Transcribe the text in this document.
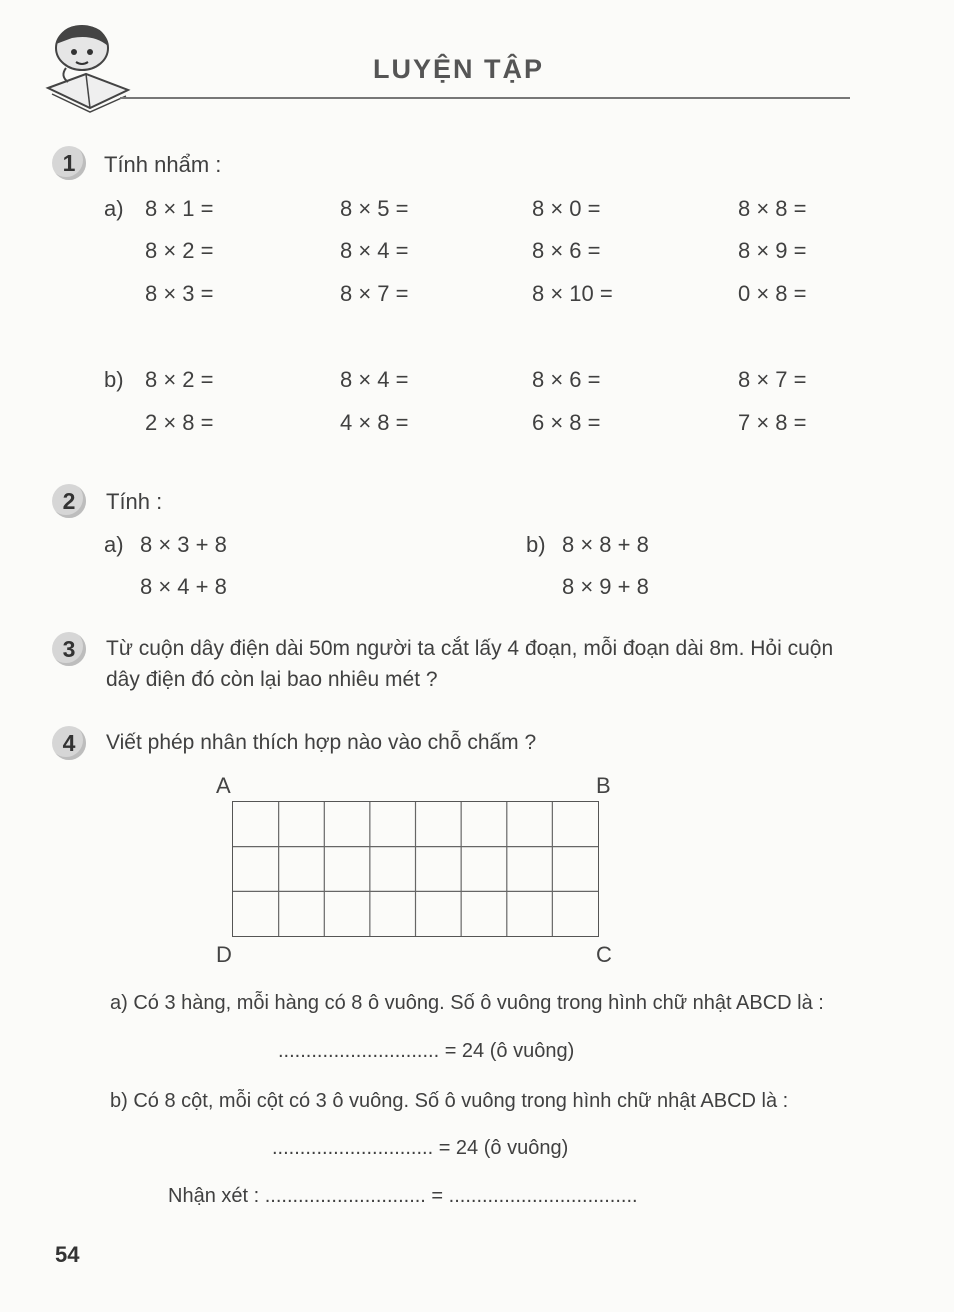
LUYỆN TẬP
1	Tính nhẩm :
a) 8 × 1 =	8 × 5 =	8 × 0 =	8 × 8 =
8 × 2 =	8 × 4 =	8 × 6 =	8 × 9 =
8 × 3 =	8 × 7 =	8 × 10 =	0 × 8 =
b) 8 × 2 =	8 × 4 =	8 × 6 =	8 × 7 =
2 × 8 =	4 × 8 =	6 × 8 =	7 × 8 =
2	Tính :
a) 8 × 3 + 8
8 × 4 + 8
b) 8 × 8 + 8
8 × 9 + 8
3	Từ cuộn dây điện dài 50m người ta cắt lấy 4 đoạn, mỗi đoạn dài 8m. Hỏi cuộn
dây điện đó còn lại bao nhiêu mét ?
4	Viết phép nhân thích hợp nào vào chỗ chấm ?
A	B
D	C
a) Có 3 hàng, mỗi hàng có 8 ô vuông. Số ô vuông trong hình chữ nhật ABCD là :
............................. = 24 (ô vuông)
b) Có 8 cột, mỗi cột có 3 ô vuông. Số ô vuông trong hình chữ nhật ABCD là :
............................. = 24 (ô vuông)
Nhận xét : ............................. = ..................................
54
